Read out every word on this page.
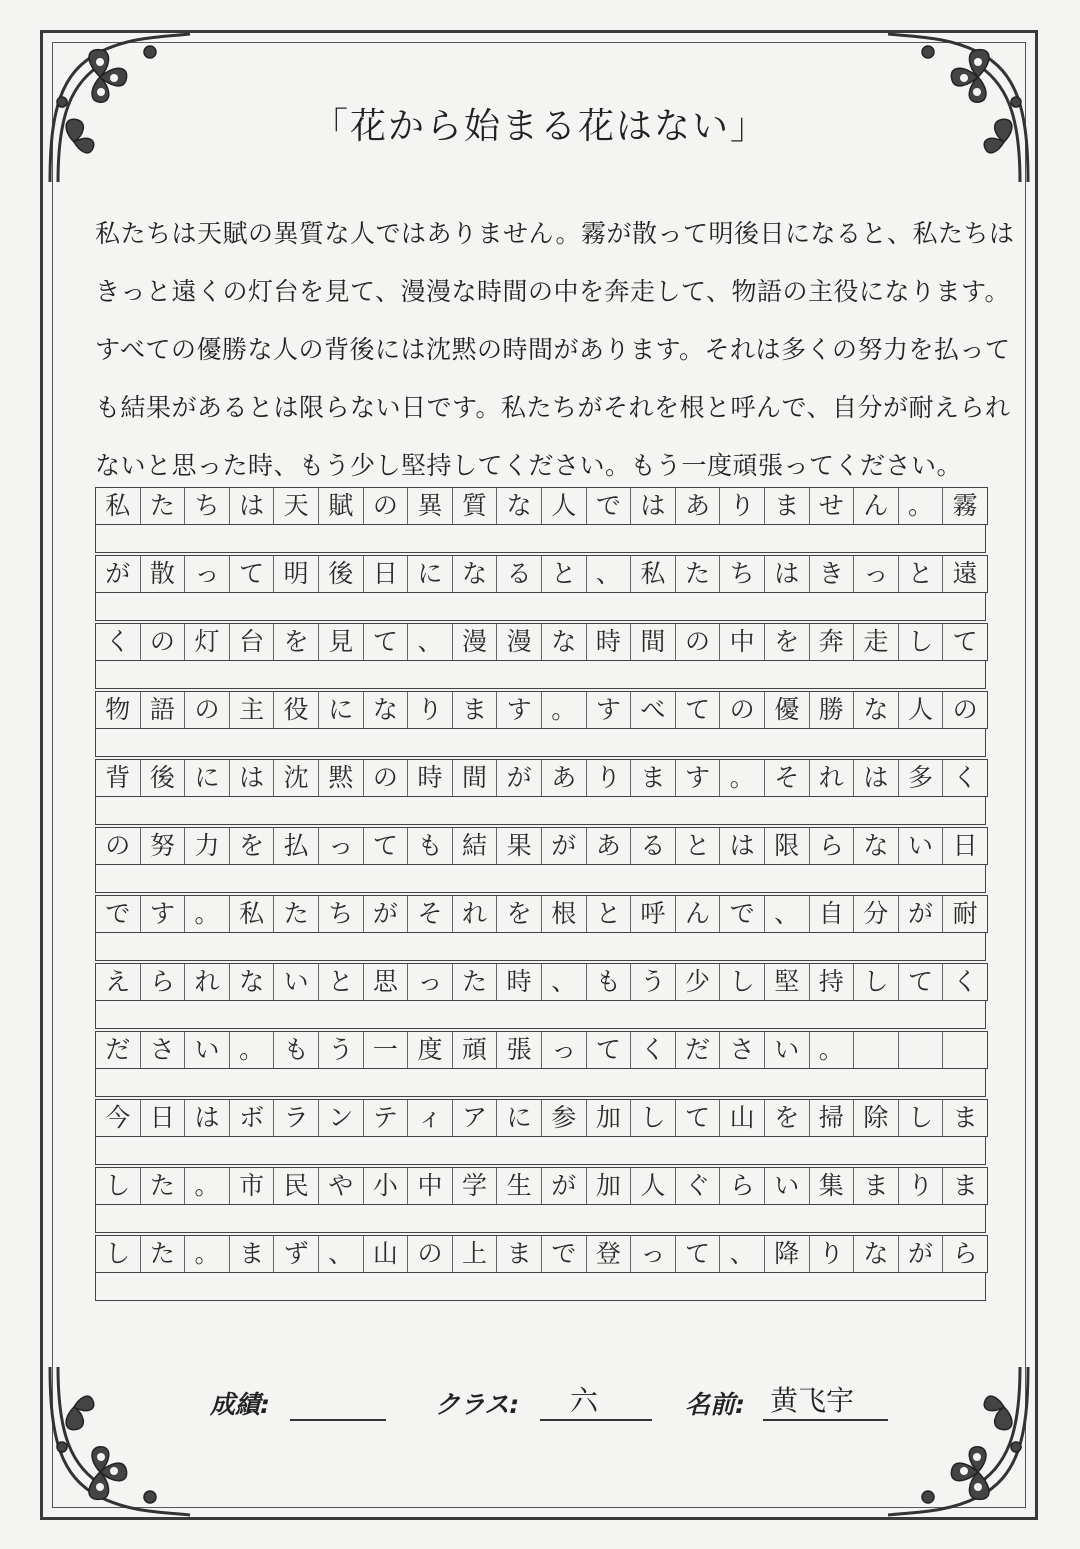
「花から始まる花はない」

私たちは天賦の異質な人ではありません。霧が散って明後日になると、私たちは

きっと遠くの灯台を見て、漫漫な時間の中を奔走して、物語の主役になります。

すべての優勝な人の背後には沈黙の時間があります。それは多くの努力を払って

も結果があるとは限らない日です。私たちがそれを根と呼んで、自分が耐えられ

ないと思った時、もう少し堅持してください。もう一度頑張ってください。

私 た ち は 天 賦 の 異 質 な 人 で は あ り ま せ ん 。 霧
が 散 っ て 明 後 日 に な る と 、 私 た ち は き っ と 遠
く の 灯 台 を 見 て 、 漫 漫 な 時 間 の 中 を 奔 走 し て
物 語 の 主 役 に な り ま す 。 す べ て の 優 勝 な 人 の
背 後 に は 沈 黙 の 時 間 が あ り ま す 。 そ れ は 多 く
の 努 力 を 払 っ て も 結 果 が あ る と は 限 ら な い 日
で す 。 私 た ち が そ れ を 根 と 呼 ん で 、 自 分 が 耐
え ら れ な い と 思 っ た 時 、 も う 少 し 堅 持 し て く
だ さ い 。 も う 一 度 頑 張 っ て く だ さ い 。
今 日 は ボ ラ ン テ ィ ア に 参 加 し て 山 を 掃 除 し ま
し た 。 市 民 や 小 中 学 生 が 加 人 ぐ ら い 集 ま り ま
し た 。 ま ず 、 山 の 上 ま で 登 っ て 、 降 り な が ら
成績:	クラス: 六	名前: 黄飞宇
